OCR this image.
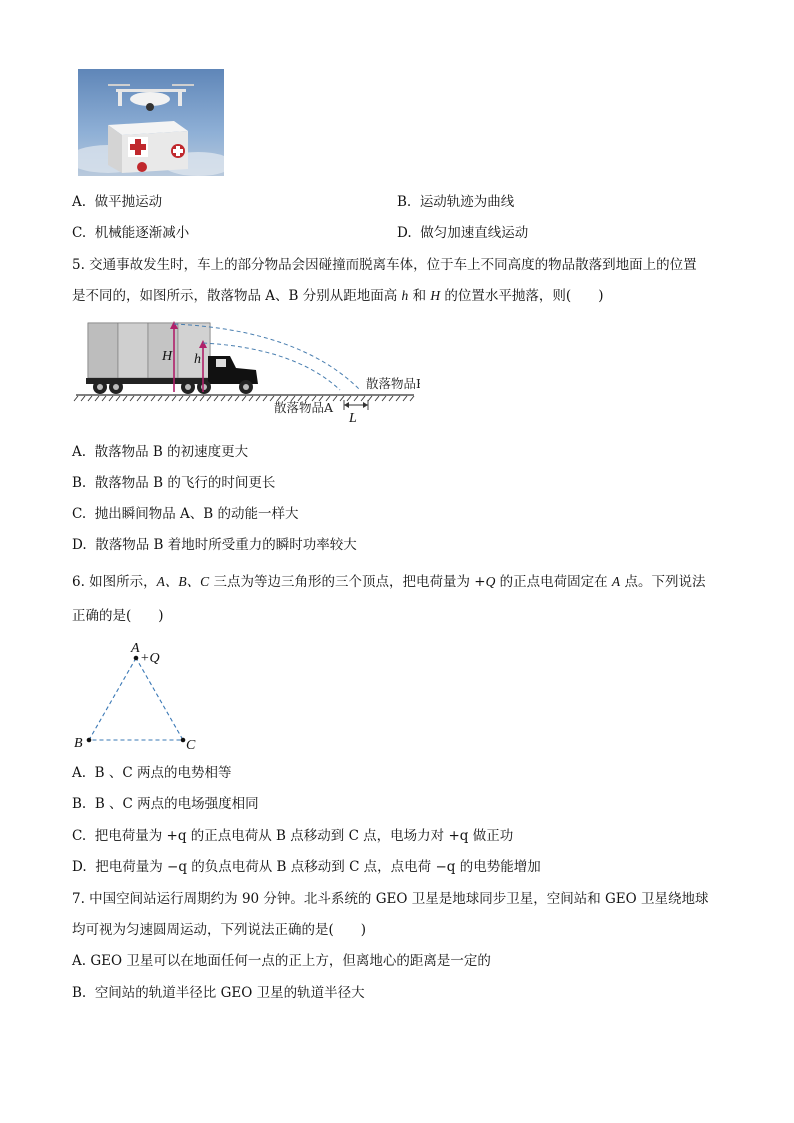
A. 做平抛运动	B. 运动轨迹为曲线
C. 机械能逐渐减小	D. 做匀加速直线运动
5. 交通事故发生时，车上的部分物品会因碰撞而脱离车体，位于车上不同高度的物品散落到地面上的位置
是不同的，如图所示，散落物品 A、B 分别从距地面高 h 和 H 的位置水平抛落，则(　　)
H h
散落物品B
散落物品A
L
A. 散落物品 B 的初速度更大
B. 散落物品 B 的飞行的时间更长
C. 抛出瞬间物品 A、B 的动能一样大
D. 散落物品 B 着地时所受重力的瞬时功率较大
6. 如图所示，A、B、C 三点为等边三角形的三个顶点，把电荷量为 +Q 的正点电荷固定在 A 点。下列说法
正确的是(　　)
A
+Q
B	C
A. B 、C 两点的电势相等
B. B 、C 两点的电场强度相同
C. 把电荷量为 +q 的正点电荷从 B 点移动到 C 点，电场力对 +q 做正功
D. 把电荷量为 −q 的负点电荷从 B 点移动到 C 点，点电荷 −q 的电势能增加
7. 中国空间站运行周期约为 90 分钟。北斗系统的 GEO 卫星是地球同步卫星，空间站和 GEO 卫星绕地球
均可视为匀速圆周运动，下列说法正确的是(　　)
A. GEO 卫星可以在地面任何一点的正上方，但离地心的距离是一定的
B. 空间站的轨道半径比 GEO 卫星的轨道半径大
